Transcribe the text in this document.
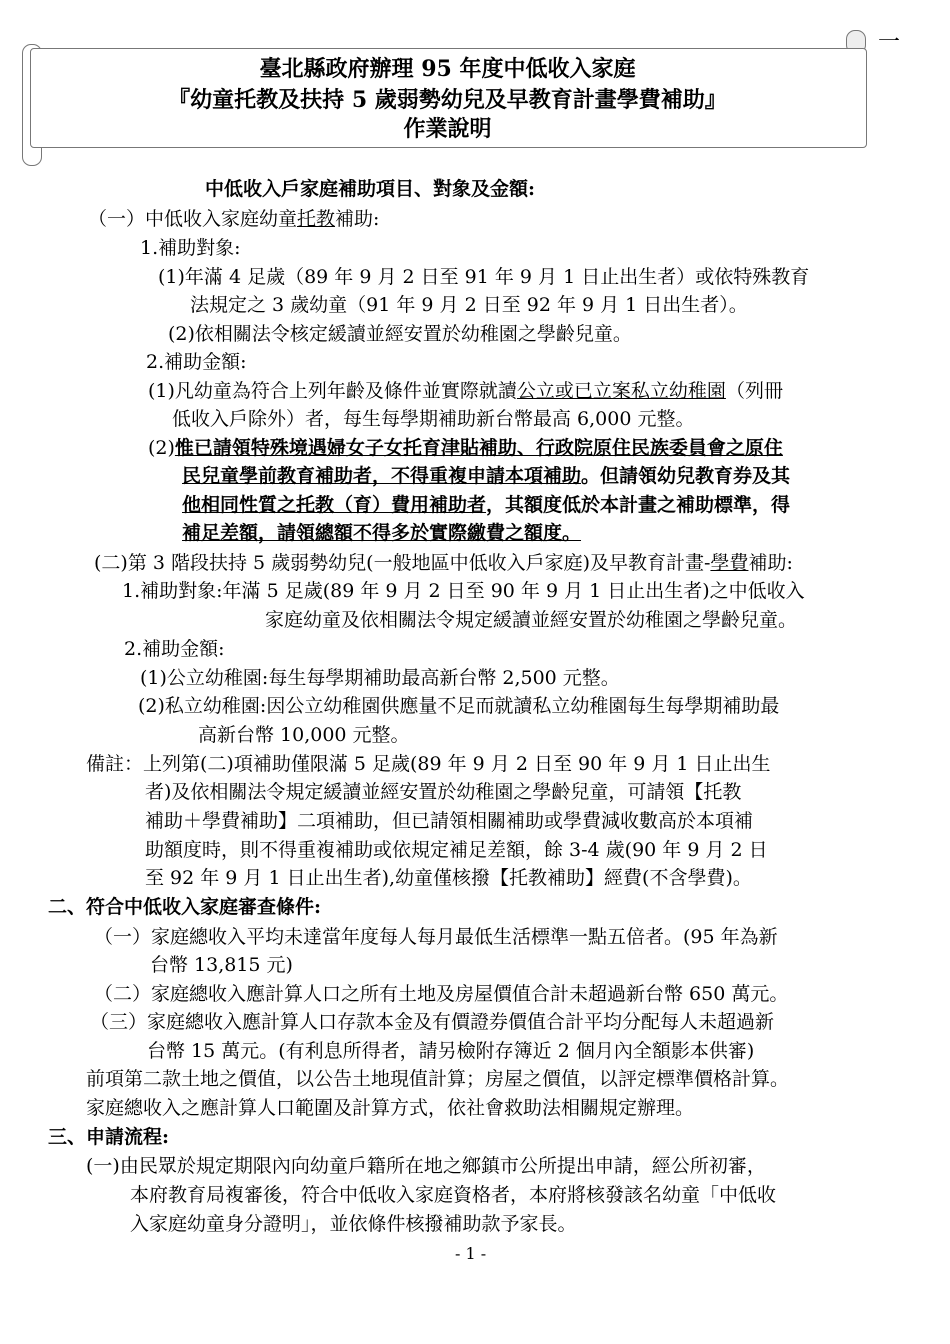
一
臺北縣政府辦理 95 年度中低收入家庭
『幼童托教及扶持 5 歲弱勢幼兒及早教育計畫學費補助』
作業說明
中低收入戶家庭補助項目、對象及金額:
（一）中低收入家庭幼童托教補助:
1.補助對象:
(1)年滿 4 足歲（89 年 9 月 2 日至 91 年 9 月 1 日止出生者）或依特殊教育
法規定之 3 歲幼童（91 年 9 月 2 日至 92 年 9 月 1 日出生者）。
(2)依相關法令核定緩讀並經安置於幼稚園之學齡兒童。
2.補助金額:
(1)凡幼童為符合上列年齡及條件並實際就讀公立或已立案私立幼稚園（列冊
低收入戶除外）者，每生每學期補助新台幣最高 6,000 元整。
(2)惟已請領特殊境遇婦女子女托育津貼補助、行政院原住民族委員會之原住
民兒童學前教育補助者，不得重複申請本項補助。但請領幼兒教育券及其
他相同性質之托教（育）費用補助者，其額度低於本計畫之補助標準，得
補足差額，請領總額不得多於實際繳費之額度。
(二)第 3 階段扶持 5 歲弱勢幼兒(一般地區中低收入戶家庭)及早教育計畫-學費補助:
1.補助對象:年滿 5 足歲(89 年 9 月 2 日至 90 年 9 月 1 日止出生者)之中低收入
家庭幼童及依相關法令規定緩讀並經安置於幼稚園之學齡兒童。
2.補助金額:
(1)公立幼稚園:每生每學期補助最高新台幣 2,500 元整。
(2)私立幼稚園:因公立幼稚園供應量不足而就讀私立幼稚園每生每學期補助最
高新台幣 10,000 元整。
備註：上列第(二)項補助僅限滿 5 足歲(89 年 9 月 2 日至 90 年 9 月 1 日止出生
者)及依相關法令規定緩讀並經安置於幼稚園之學齡兒童，可請領【托教
補助＋學費補助】二項補助，但已請領相關補助或學費減收數高於本項補
助額度時，則不得重複補助或依規定補足差額，餘 3-4 歲(90 年 9 月 2 日
至 92 年 9 月 1 日止出生者),幼童僅核撥【托教補助】經費(不含學費)。
二、符合中低收入家庭審查條件:
（一）家庭總收入平均未達當年度每人每月最低生活標準一點五倍者。(95 年為新
台幣 13,815 元)
（二）家庭總收入應計算人口之所有土地及房屋價值合計未超過新台幣 650 萬元。
（三）家庭總收入應計算人口存款本金及有價證券價值合計平均分配每人未超過新
台幣 15 萬元。(有利息所得者，請另檢附存簿近 2 個月內全額影本供審)
前項第二款土地之價值，以公告土地現值計算；房屋之價值，以評定標準價格計算。
家庭總收入之應計算人口範圍及計算方式，依社會救助法相關規定辦理。
三、申請流程:
(一)由民眾於規定期限內向幼童戶籍所在地之鄉鎮市公所提出申請，經公所初審，
本府教育局複審後，符合中低收入家庭資格者，本府將核發該名幼童「中低收
入家庭幼童身分證明」，並依條件核撥補助款予家長。
- 1 -
